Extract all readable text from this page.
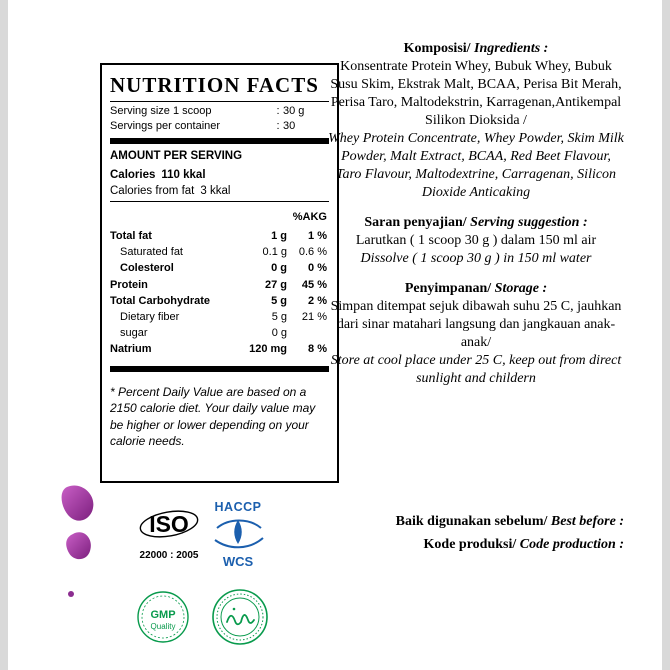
NUTRITION FACTS
Serving size 1 scoop	: 30 g
Servings per container	: 30
AMOUNT PER SERVING
Calories 110 kkal
Calories from fat 3 kkal
%AKG
Total fat	1 g	1 %
Saturated fat	0.1 g	0.6 %
Colesterol	0 g	0 %
Protein	27 g	45 %
Total Carbohydrate	5 g	2 %
Dietary fiber	5 g	21 %
sugar	0 g
Natrium	120 mg	8 %
* Percent Daily Value are based on a 2150 calorie diet. Your daily value may be higher or lower depending on your calorie needs.
Komposisi/ Ingredients :
Konsentrate Protein Whey, Bubuk Whey, Bubuk Susu Skim, Ekstrak Malt, BCAA, Perisa Bit Merah, Perisa Taro, Maltodekstrin, Karragenan,Antikempal Silikon Dioksida /
Whey Protein Concentrate, Whey Powder, Skim Milk Powder, Malt Extract, BCAA, Red Beet Flavour, Taro Flavour, Maltodextrine, Carragenan, Silicon Dioxide Anticaking
Saran penyajian/ Serving suggestion :
Larutkan ( 1 scoop 30 g ) dalam 150 ml air
Dissolve ( 1 scoop 30 g ) in 150 ml water
Penyimpanan/ Storage :
Simpan ditempat sejuk dibawah suhu 25 C, jauhkan dari sinar matahari langsung dan jangkauan anak-anak/
Store at cool place under 25 C, keep out from direct sunlight and childern
Baik digunakan sebelum/ Best before :
Kode produksi/ Code production :
ISO
22000 : 2005
HACCP
WCS
GMP
Quality
